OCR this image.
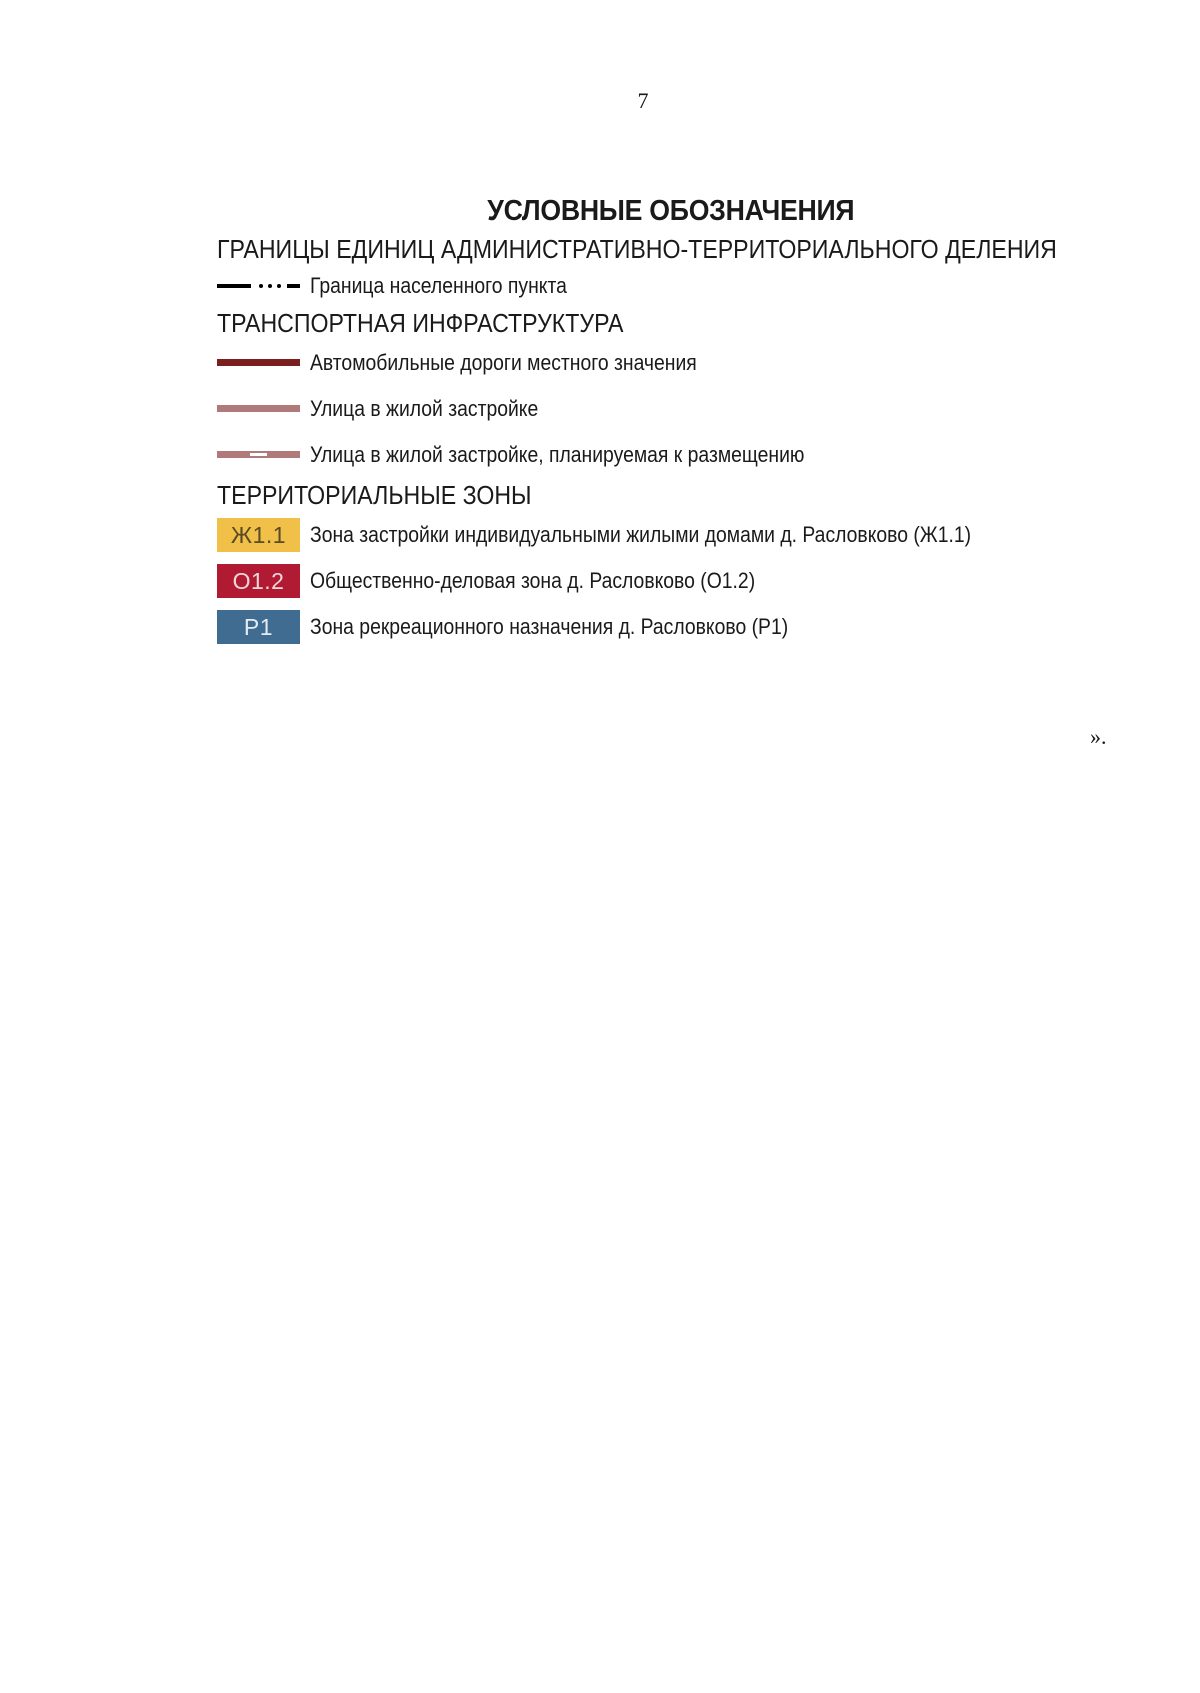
7
УСЛОВНЫЕ ОБОЗНАЧЕНИЯ
ГРАНИЦЫ ЕДИНИЦ АДМИНИСТРАТИВНО-ТЕРРИТОРИАЛЬНОГО ДЕЛЕНИЯ
Граница населенного пункта
ТРАНСПОРТНАЯ ИНФРАСТРУКТУРА
Автомобильные дороги местного значения
Улица в жилой застройке
Улица в жилой застройке, планируемая к размещению
ТЕРРИТОРИАЛЬНЫЕ ЗОНЫ
Ж1.1	Зона застройки индивидуальными жилыми домами д. Расловково (Ж1.1)
О1.2	Общественно-деловая зона д. Расловково (О1.2)
Р1	Зона рекреационного назначения д. Расловково (Р1)
».
